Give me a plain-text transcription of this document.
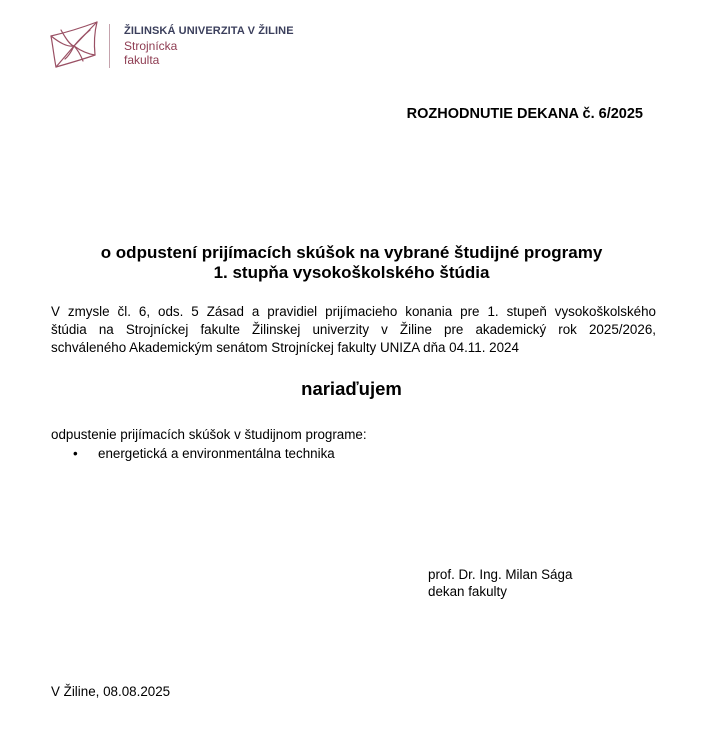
ŽILINSKÁ UNIVERZITA V ŽILINE
Strojnícka
fakulta
ROZHODNUTIE DEKANA č. 6/2025
o odpustení prijímacích skúšok na vybrané študijné programy
1. stupňa vysokoškolského štúdia
V zmysle čl. 6, ods. 5 Zásad a pravidiel prijímacieho konania pre 1. stupeň vysokoškolského
štúdia na Strojníckej fakulte Žilinskej univerzity v Žiline pre akademický rok 2025/2026,
schváleného Akademickým senátom Strojníckej fakulty UNIZA dňa 04.11. 2024
nariaďujem
odpustenie prijímacích skúšok v študijnom programe:
• energetická a environmentálna technika
prof. Dr. Ing. Milan Sága
dekan fakulty
V Žiline, 08.08.2025
